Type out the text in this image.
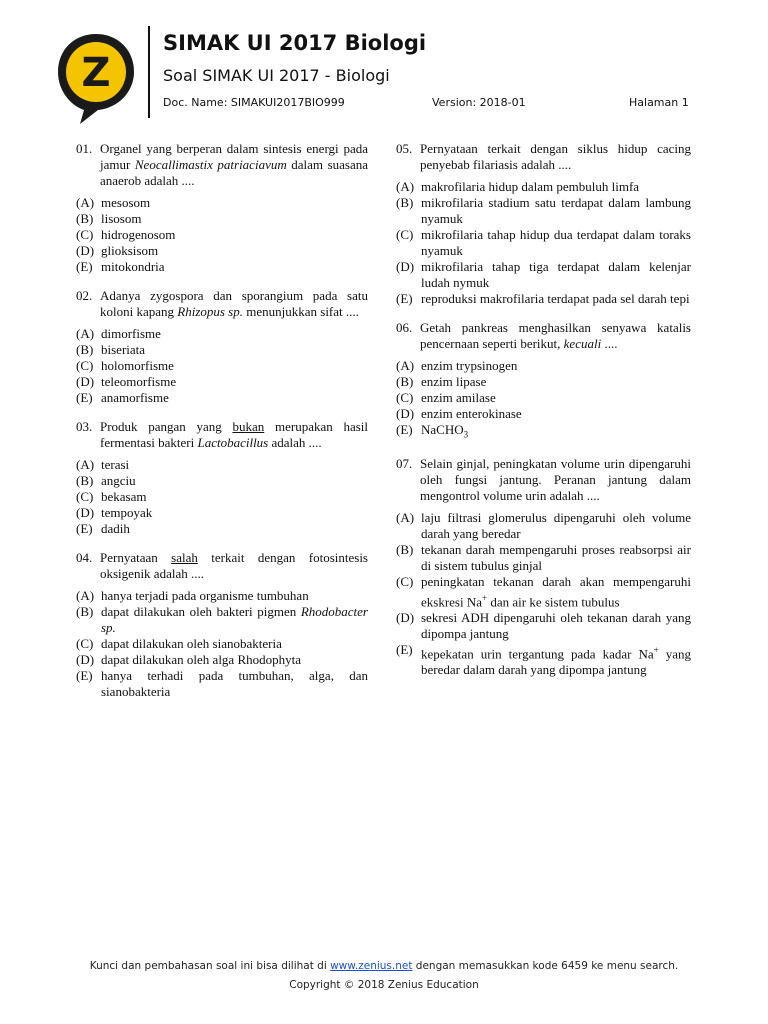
Z
SIMAK UI 2017 Biologi
Soal SIMAK UI 2017 - Biologi
Doc. Name: SIMAKUI2017BIO999	Version: 2018-01	Halaman 1
01. Organel yang berperan dalam sintesis energi pada jamur Neocallimastix patriaciavum dalam suasana anaerob adalah ....
(A) mesosom
(B) lisosom
(C) hidrogenosom
(D) glioksisom
(E) mitokondria
02. Adanya zygospora dan sporangium pada satu koloni kapang Rhizopus sp. menunjukkan sifat ....
(A) dimorfisme
(B) biseriata
(C) holomorfisme
(D) teleomorfisme
(E) anamorfisme
03. Produk pangan yang bukan merupakan hasil fermentasi bakteri Lactobacillus adalah ....
(A) terasi
(B) angciu
(C) bekasam
(D) tempoyak
(E) dadih
04. Pernyataan salah terkait dengan fotosintesis oksigenik adalah ....
(A) hanya terjadi pada organisme tumbuhan
(B) dapat dilakukan oleh bakteri pigmen Rhodobacter sp.
(C) dapat dilakukan oleh sianobakteria
(D) dapat dilakukan oleh alga Rhodophyta
(E) hanya terhadi pada tumbuhan, alga, dan sianobakteria
05. Pernyataan terkait dengan siklus hidup cacing penyebab filariasis adalah ....
(A) makrofilaria hidup dalam pembuluh limfa
(B) mikrofilaria stadium satu terdapat dalam lambung nyamuk
(C) mikrofilaria tahap hidup dua terdapat dalam toraks nyamuk
(D) mikrofilaria tahap tiga terdapat dalam kelenjar ludah nymuk
(E) reproduksi makrofilaria terdapat pada sel darah tepi
06. Getah pankreas menghasilkan senyawa katalis pencernaan seperti berikut, kecuali ....
(A) enzim trypsinogen
(B) enzim lipase
(C) enzim amilase
(D) enzim enterokinase
(E) NaCHO$_3$
07. Selain ginjal, peningkatan volume urin dipengaruhi oleh fungsi jantung. Peranan jantung dalam mengontrol volume urin adalah ....
(A) laju filtrasi glomerulus dipengaruhi oleh volume darah yang beredar
(B) tekanan darah mempengaruhi proses reabsorpsi air di sistem tubulus ginjal
(C) peningkatan tekanan darah akan mempengaruhi ekskresi Na+ dan air ke sistem tubulus
(D) sekresi ADH dipengaruhi oleh tekanan darah yang dipompa jantung
(E) kepekatan urin tergantung pada kadar Na+ yang beredar dalam darah yang dipompa jantung
Kunci dan pembahasan soal ini bisa dilihat di www.zenius.net dengan memasukkan kode 6459 ke menu search.
Copyright © 2018 Zenius Education
